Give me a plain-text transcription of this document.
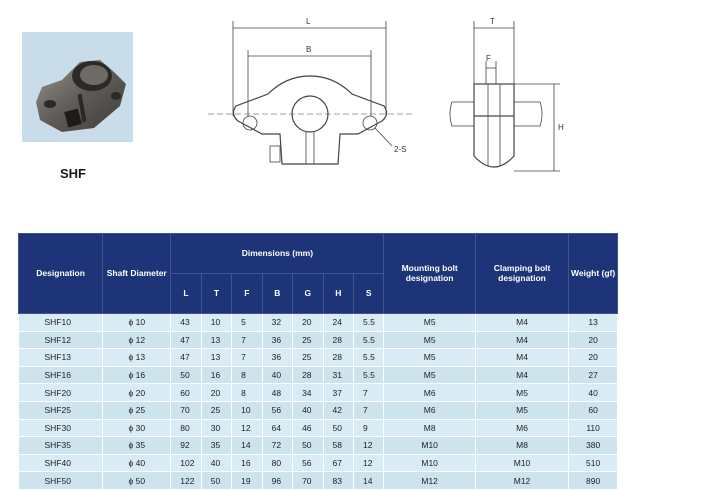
SHF
L
B
2-S
T
F
H
Designation	Shaft Diameter	Dimensions (mm)							Mounting bolt designation	Clamping bolt designation	Weight (gf)
		L	T	F	B	G	H	S			
SHF10	ϕ 10	43	10	5	32	20	24	5.5	M5	M4	13
SHF12	ϕ 12	47	13	7	36	25	28	5.5	M5	M4	20
SHF13	ϕ 13	47	13	7	36	25	28	5.5	M5	M4	20
SHF16	ϕ 16	50	16	8	40	28	31	5.5	M5	M4	27
SHF20	ϕ 20	60	20	8	48	34	37	7	M6	M5	40
SHF25	ϕ 25	70	25	10	56	40	42	7	M6	M5	60
SHF30	ϕ 30	80	30	12	64	46	50	9	M8	M6	110
SHF35	ϕ 35	92	35	14	72	50	58	12	M10	M8	380
SHF40	ϕ 40	102	40	16	80	56	67	12	M10	M10	510
SHF50	ϕ 50	122	50	19	96	70	83	14	M12	M12	890
